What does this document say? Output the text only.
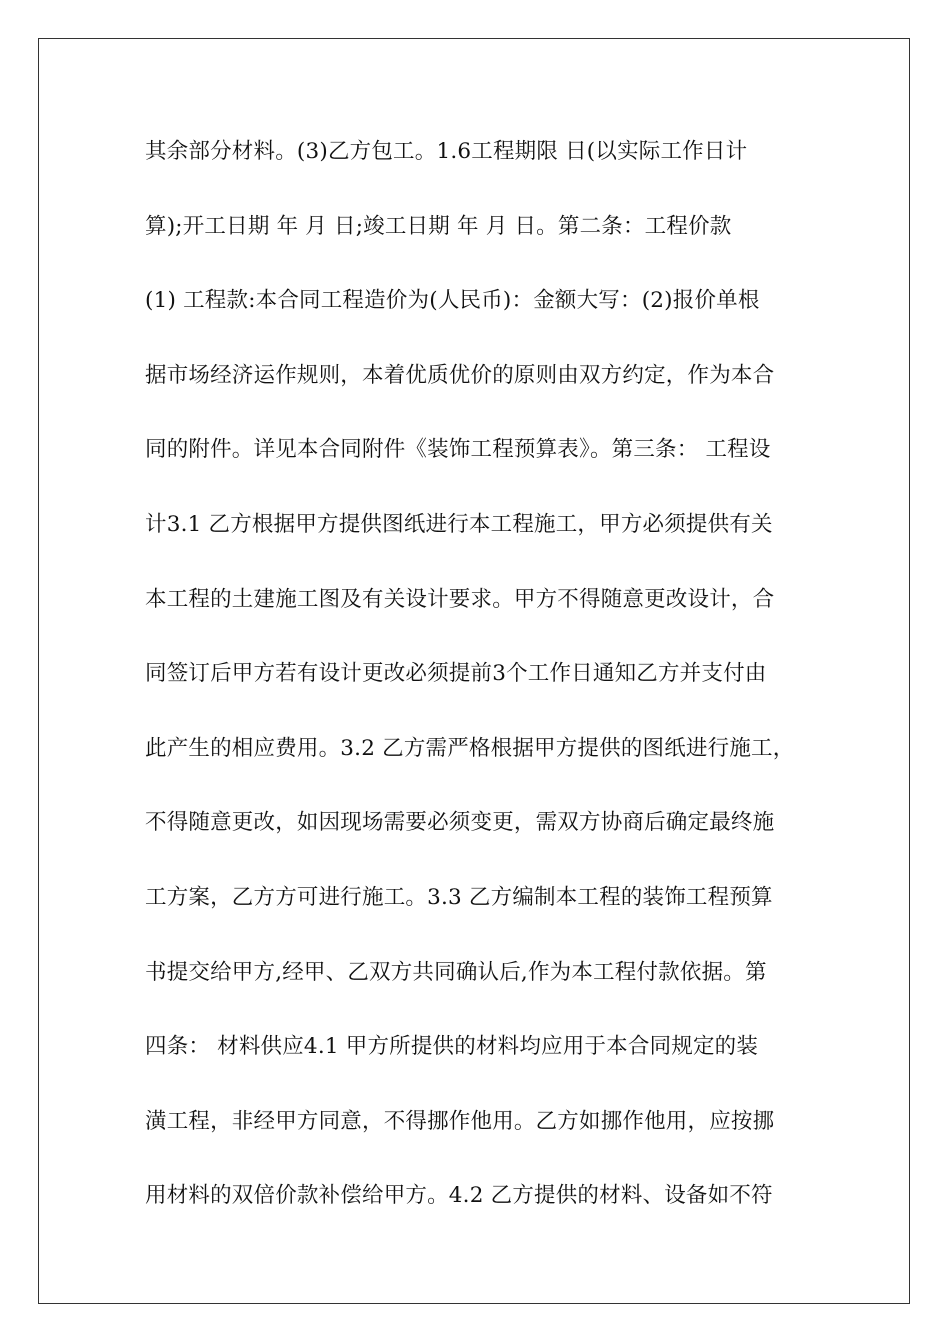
其余部分材料。(3)乙方包工。1.6工程期限 日(以实际工作日计
算);开工日期 年 月 日;竣工日期 年 月 日。第二条：工程价款
(1) 工程款:本合同工程造价为(人民币)：金额大写：(2)报价单根
据市场经济运作规则，本着优质优价的原则由双方约定，作为本合
同的附件。详见本合同附件《装饰工程预算表》。第三条： 工程设
计3.1 乙方根据甲方提供图纸进行本工程施工，甲方必须提供有关
本工程的土建施工图及有关设计要求。甲方不得随意更改设计，合
同签订后甲方若有设计更改必须提前3个工作日通知乙方并支付由
此产生的相应费用。3.2 乙方需严格根据甲方提供的图纸进行施工，
不得随意更改，如因现场需要必须变更，需双方协商后确定最终施
工方案，乙方方可进行施工。3.3 乙方编制本工程的装饰工程预算
书提交给甲方,经甲、乙双方共同确认后,作为本工程付款依据。第
四条： 材料供应4.1 甲方所提供的材料均应用于本合同规定的装
潢工程，非经甲方同意，不得挪作他用。乙方如挪作他用，应按挪
用材料的双倍价款补偿给甲方。4.2 乙方提供的材料、设备如不符
